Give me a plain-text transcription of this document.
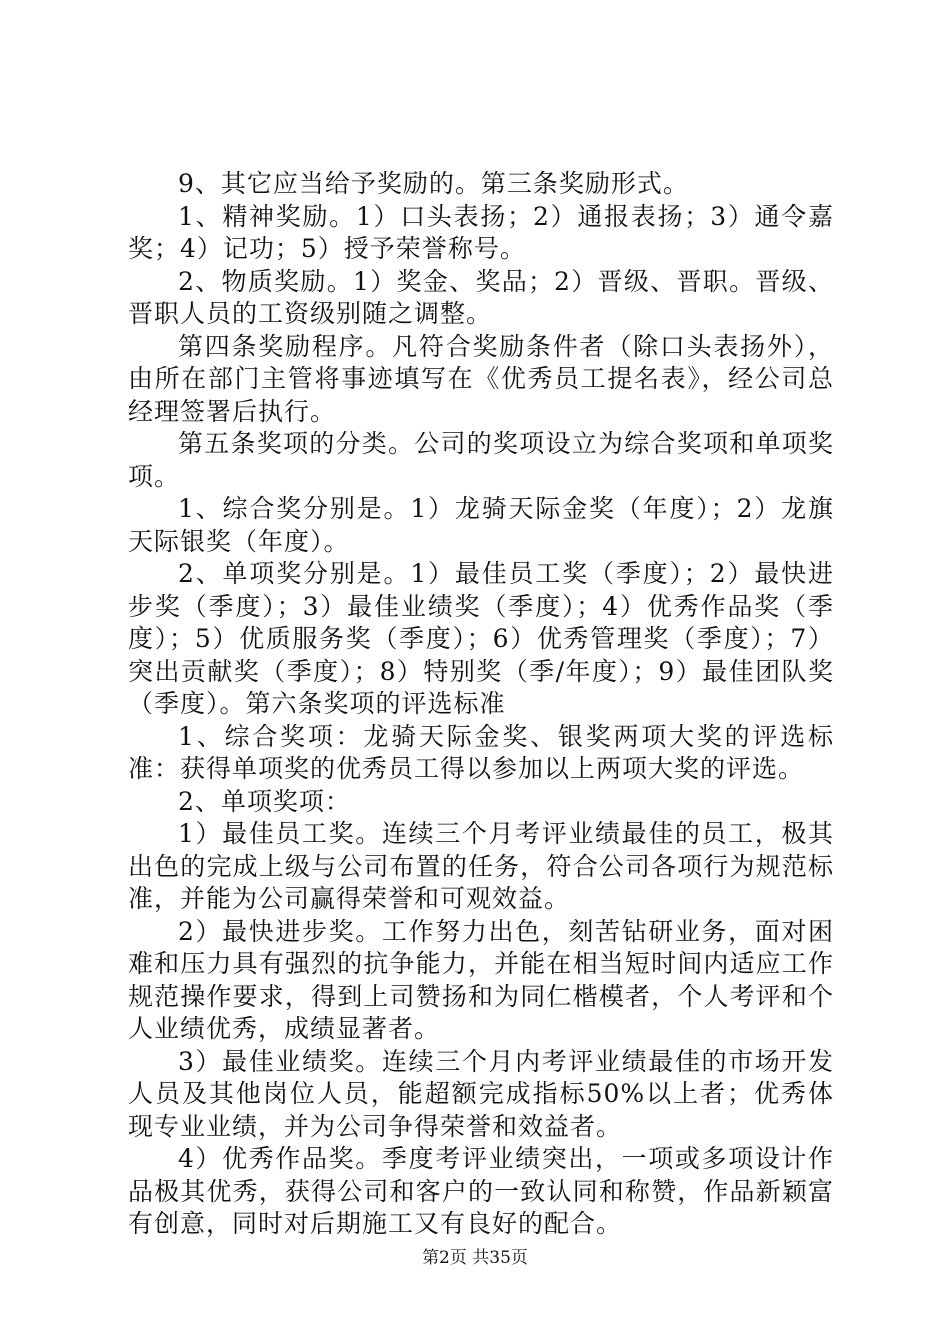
9、其它应当给予奖励的。第三条奖励形式。

1、精神奖励。1）口头表扬；2）通报表扬；3）通令嘉奖；4）记功；5）授予荣誉称号。

2、物质奖励。1）奖金、奖品；2）晋级、晋职。晋级、晋职人员的工资级别随之调整。

第四条奖励程序。凡符合奖励条件者（除口头表扬外），由所在部门主管将事迹填写在《优秀员工提名表》，经公司总经理签署后执行。

第五条奖项的分类。公司的奖项设立为综合奖项和单项奖项。

1、综合奖分别是。1）龙骑天际金奖（年度）；2）龙旗天际银奖（年度）。

2、单项奖分别是。1）最佳员工奖（季度）；2）最快进步奖（季度）；3）最佳业绩奖（季度）；4）优秀作品奖（季度）；5）优质服务奖（季度）；6）优秀管理奖（季度）；7）突出贡献奖（季度）；8）特别奖（季/年度）；9）最佳团队奖（季度）。第六条奖项的评选标准

1、综合奖项：龙骑天际金奖、银奖两项大奖的评选标准：获得单项奖的优秀员工得以参加以上两项大奖的评选。

2、单项奖项：

1）最佳员工奖。连续三个月考评业绩最佳的员工，极其出色的完成上级与公司布置的任务，符合公司各项行为规范标准，并能为公司赢得荣誉和可观效益。

2）最快进步奖。工作努力出色，刻苦钻研业务，面对困难和压力具有强烈的抗争能力，并能在相当短时间内适应工作规范操作要求，得到上司赞扬和为同仁楷模者，个人考评和个人业绩优秀，成绩显著者。

3）最佳业绩奖。连续三个月内考评业绩最佳的市场开发人员及其他岗位人员，能超额完成指标50%以上者；优秀体现专业业绩，并为公司争得荣誉和效益者。

4）优秀作品奖。季度考评业绩突出，一项或多项设计作品极其优秀，获得公司和客户的一致认同和称赞，作品新颖富有创意，同时对后期施工又有良好的配合。

第2页 共35页
